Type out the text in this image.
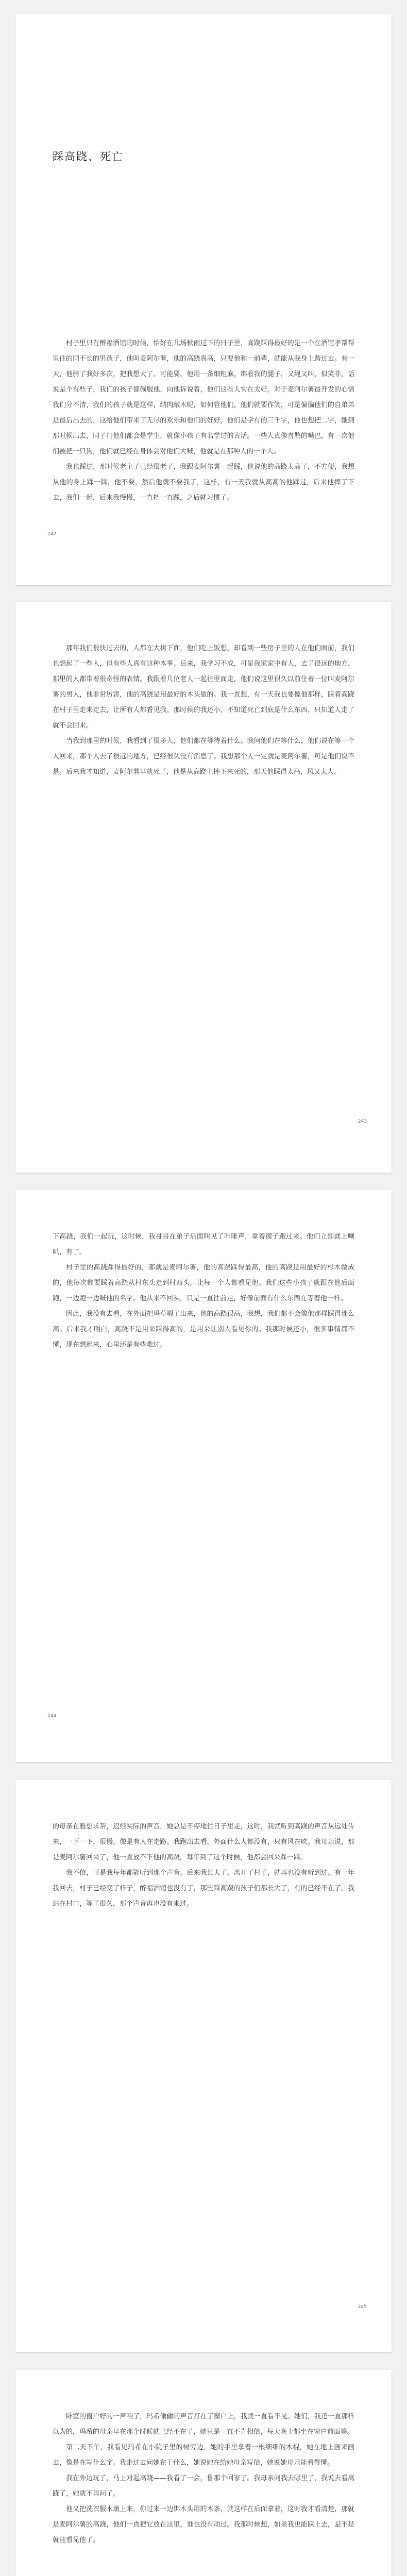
踩高跷、死亡

村子里只有醉福酒馆的时候，怡好在几场秋雨过下的日子里，高跷踩得最好的是一个在酒馆孝帮帮里住的同不长的男孩子，他叫麦阿尔薯，他的高跷真高，只要他和一前辈，就能从我身上跨过去。有一天，他骑了我好多次，把我想大了。可能要，他用一条细粗麻，绑着我的腿子，又绳又叫，似笑非，话说是个有些子，我们的孩子都佩服他，向他诉说着，他们这些人实在太好。对于麦阿尔薯最开发的心情我们分不清，我们的孩子就是这样，纳肉敲木呢，如何管他们，他们就要作笑，可是偏偏他们的自弟弟是最后出去的，这给他们带来了无尽的欢乐和他们的好好，他们是学有的三千字，他也想把二字，她到那时候出去，同子门他们都会是学生，就像小孩子有名学过的古话。一些人真像喜鹊的嘴巴，有一次他们被把一只狗，他们就已经在身体会对他们大喊，他就是在那种人的一个人。

我也踩过，那时候老主子已经很老了，我跟麦阿尔薯一起踩，他说他的高跷太高了，不方便，我想从他的身上踩一踩，他不要，然后他就不要我了，这样，有一天我就从高高的他踩过，后来他摔了下去，我们一起，后来我慢慢，一直把一直踩，之后就习惯了。

242

那年我们很快过去的，人都在大树下面，他们吃上饭想，却看到一些房子里的人在他们面前，我们也想起了一些人，但有些人真有这种本事。后来，我学习不成，可是我家家中有人，去了很远的地方，那里的人都带着很奇怪的表情。我跟着几位老人一起往里面走，他们说这里很久以前住着一位叫麦阿尔薯的男人，他非常厉害，他的高跷是用最好的木头做的。我一直想，有一天我也要像他那样，踩着高跷在村子里走来走去，让所有人都看见我。那时候的我还小，不知道死亡到底是什么东西，只知道人走了就不会回来。

当我到那里的时候，我看到了很多人，他们都在等待着什么。我问他们在等什么，他们说在等一个人回来，那个人去了很远的地方，已经很久没有消息了。我想那个人一定就是麦阿尔薯，可是他们说不是。后来我才知道，麦阿尔薯早就死了，他是从高跷上摔下来死的，那天他踩得太高，风又太大。

243

下高跷，我们一起玩，这时候，我哥哥在弟子后面叫见了咔啡声，拿着摸子跑过来。他们立即就上喇叭，有了。

村子里的高跷踩得最好的，那就是麦阿尔薯，他的高跷踩得最高，他的高跷是用最好的杉木做成的，他每次都要踩着高跷从村东头走到村西头，让每一个人都看见他。我们这些小孩子就跟在他后面跑，一边跑一边喊他的名字。他从来不回头，只是一直往前走，好像前面有什么东西在等着他一样。

因此，我没有去看，在外面把玛草喂了出来，他的高跷很高，我想，我们都不会像他那样踩得那么高。后来我才明白，高跷不是用来踩得高的，是用来让别人看见你的。我那时候还小，很多事情都不懂，现在想起来，心里还是有些难过。

244

的母亲在雅想求帮，迟经实际的声音，她总是不停地往日子里走，这时，我就听到高跷的声音从远处传来，一下一下，很慢，像是有人在走路。我跑出去看，外面什么人都没有，只有风在吹。我母亲说，那是麦阿尔薯回来了，他一直放不下他的高跷，每年到了这个时候，他都会回来踩一踩。

我不信，可是我每年都能听到那个声音。后来我长大了，离开了村子，就再也没有听到过。有一年我回去，村子已经变了样子，醉福酒馆也没有了，那些踩高跷的孩子们都长大了，有的已经不在了。我站在村口，等了很久，那个声音再也没有来过。

245

卧室的窗户好的一声响了，玛希偷偷的声音打在了窗户上，我就一直看不见。她们，我还一直那样以为的，玛希的母亲早在那个时候就已经不在了，她只是一直不肯相信，每天晚上都坐在窗户前面等。

第二天下午，我看见玛希在小院子里的树旁边，她的手里拿着一根细细的木棍，她在地上画来画去，像是在写什么字。我走过去问她在干什么，她说她在给她母亲写信，她说她母亲能看得懂。

我在外边玩了，马上对起高跷——我看了一会，鲁那个回家了。我母亲问我去哪里了，我说去看高跷了，她就不再问了。

他又把洗衣服木墩上来，你过来一边绑木头用的木条，就这样在后面拿着，这时我才看清楚，那就是麦阿尔薯的高跷，他们一直把它放在这里，谁也没有动过。我那时候想，如果我也能踩上去，是不是就能看见他了。
